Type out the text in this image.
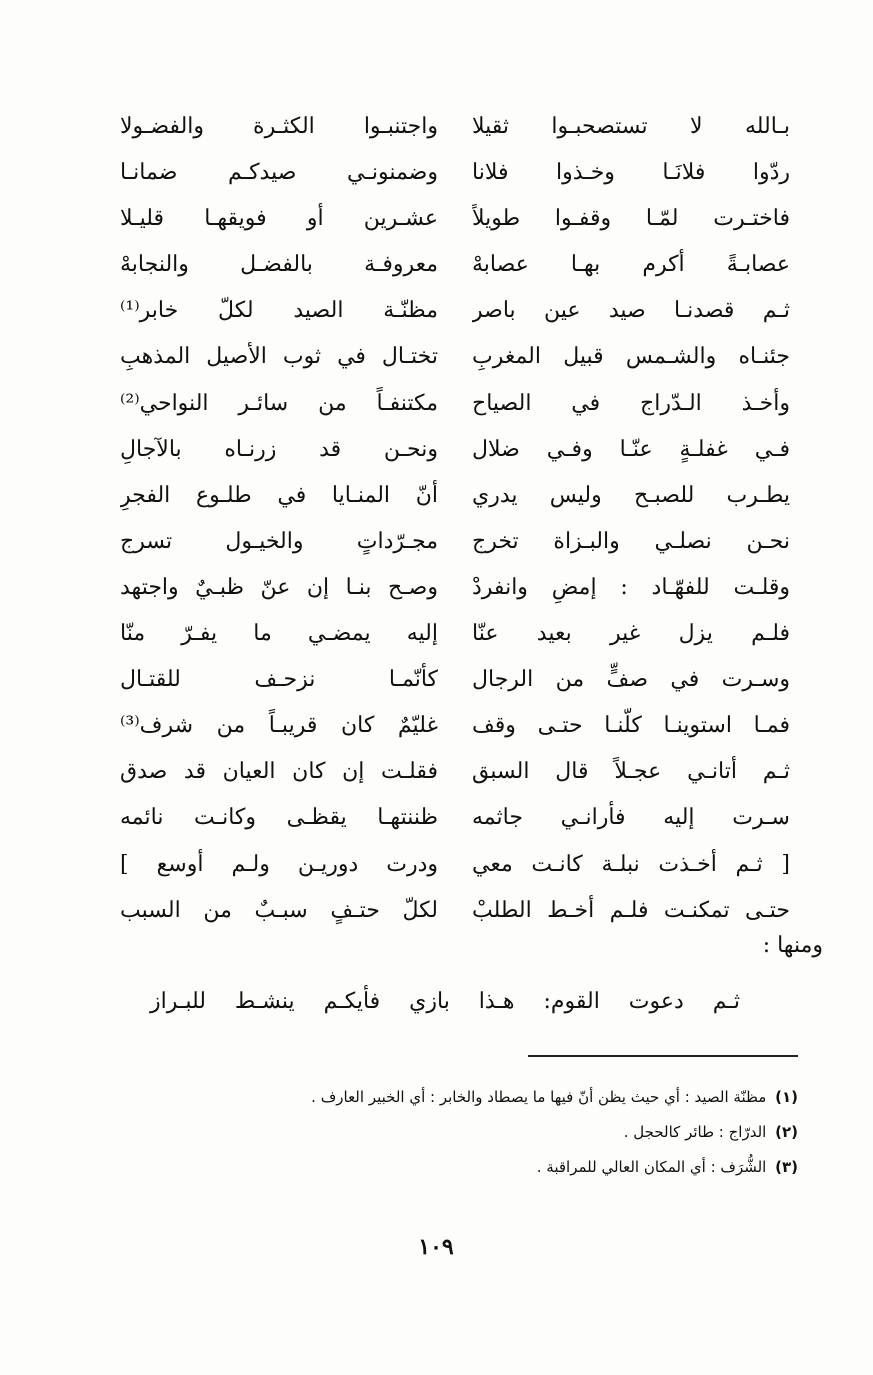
بـالله لا تستصحبـوا ثقيلا
ردّوا فلانَـا وخـذوا فلانا
فاختـرت لمّـا وقفـوا طويلاً
عصابـةً أكرم بهـا عصابهْ
ثـم قصدنـا صيد عين باصر
جئنـاه والشـمس قبيل المغربِ
وأخـذ الـدّراج في الصياح
فـي غفلـةٍ عنّـا وفـي ضلال
يطـرب للصبـح وليس يدري
نحـن نصلـي والبـزاة تخرج
وقلـت للفهّـاد : إمضِ وانفردْ
فلـم يزل غير بعيد عنّا
وسـرت في صفٍّ من الرجال
فمـا استوينـا كلّنـا حتـى وقف
ثـم أتانـي عجـلاً قال السبق
سـرت إليه فأرانـي جاثمه
[ ثـم أخـذت نبلـة كانـت معي
حتـى تمكنـت فلـم أخـط الطلبْ
واجتنبـوا الكثـرة والفضـولا
وضمنونـي صيدكـم ضمانـا
عشـرين أو فويقهـا قليـلا
معروفـة بالفضـل والنجابهْ
مظنّـة الصيد لكلّ خابر⁽¹⁾
تختـال في ثوب الأصيل المذهبِ
مكتنفـاً من سائـر النواحي⁽²⁾
ونحـن قد زرنـاه بالآجالِ
أنّ المنـايا في طلـوع الفجرِ
مجـرّداتٍ والخيـول تسرج
وصـح بنـا إن عنّ ظبـيٌ واجتهد
إليه يمضـي ما يفـرّ منّا
كأنّمـا نزحـف للقتـال
غليّمٌ كان قريبـاً من شرف⁽³⁾
فقلـت إن كان العيان قد صدق
ظننتهـا يقظـى وكانـت نائمه
ودرت دوريـن ولـم أوسع ]
لكلّ حتـفٍ سبـبٌ من السبب
ومنها :
ثـم دعوت القوم: هـذا بازي فأيكـم ينشـط للبـراز
(١) مظنّة الصيد : أي حيث يظن أنّ فيها ما يصطاد والخابر : أي الخبير العارف .
(٢) الدرّاج : طائر كالحجل .
(٣) الشُّرَف : أي المكان العالي للمراقبة .
١٠٩
